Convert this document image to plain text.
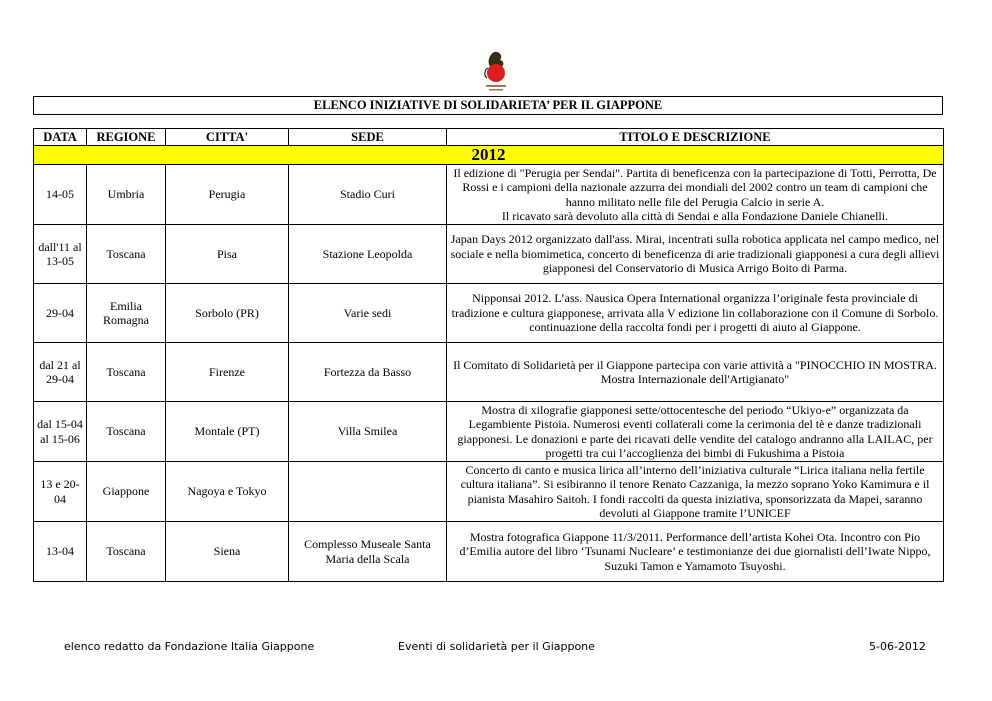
ELENCO INIZIATIVE DI SOLIDARIETA’ PER IL GIAPPONE
DATA	REGIONE	CITTA'	SEDE	TITOLO E DESCRIZIONE
2012				
14-05	Umbria	Perugia	Stadio Curi	Il edizione di "Perugia per Sendai". Partita di beneficenza con la partecipazione di Totti, Perrotta, De Rossi e i campioni della nazionale azzurra dei mondiali del 2002 contro un team di campioni che hanno militato nelle file del Perugia Calcio in serie A.
Il ricavato sarà devoluto alla città di Sendai e alla Fondazione Daniele Chianelli.
dall'11 al 13-05	Toscana	Pisa	Stazione Leopolda	Japan Days 2012 organizzato dall'ass. Mirai, incentrati sulla robotica applicata nel campo medico, nel sociale e nella biomimetica, concerto di beneficenza di arie tradizionali giapponesi a cura degli allievi giapponesi del Conservatorio di Musica Arrigo Boito di Parma.
29-04	Emilia Romagna	Sorbolo (PR)	Varie sedi	Nipponsai 2012. L’ass. Nausica Opera International organizza l’originale festa provinciale di tradizione e cultura giapponese, arrivata alla V edizione lin collaborazione con il Comune di Sorbolo. continuazione della raccolta fondi per i progetti di aiuto al Giappone.
dal 21 al 29-04	Toscana	Firenze	Fortezza da Basso	Il Comitato di Solidarietà per il Giappone partecipa con varie attività a "PINOCCHIO IN MOSTRA. Mostra Internazionale dell'Artigianato"
dal 15-04 al 15-06	Toscana	Montale (PT)	Villa Smilea	Mostra di xilografie giapponesi sette/ottocentesche del periodo “Ukiyo-e” organizzata da Legambiente Pistoia. Numerosi eventi collaterali come la cerimonia del tè e danze tradizionali giapponesi. Le donazioni e parte dei ricavati delle vendite del catalogo andranno alla LAILAC, per progetti tra cui l’accoglienza dei bimbi di Fukushima a Pistoia
13 e 20-04	Giappone	Nagoya e Tokyo		Concerto di canto e musica lirica all’interno dell’iniziativa culturale “Lirica italiana nella fertile cultura italiana”. Si esibiranno il tenore Renato Cazzaniga, la mezzo soprano Yoko Kamimura e il pianista Masahiro Saitoh. I fondi raccolti da questa iniziativa, sponsorizzata da Mapei, saranno devoluti al Giappone tramite l’UNICEF
13-04	Toscana	Siena	Complesso Museale Santa Maria della Scala	Mostra fotografica Giappone 11/3/2011. Performance dell’artista Kohei Ota. Incontro con Pio d’Emilia autore del libro ‘Tsunami Nucleare’ e testimonianze dei due giornalisti dell’Iwate Nippo, Suzuki Tamon e Yamamoto Tsuyoshi.
elenco redatto da Fondazione Italia Giappone	Eventi di solidarietà per il Giappone	5-06-2012
